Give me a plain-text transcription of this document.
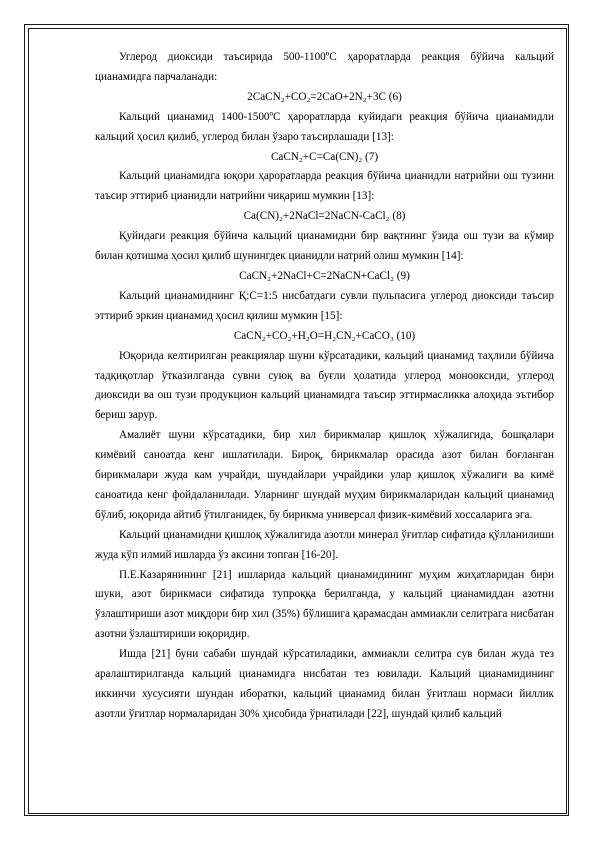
Углерод диоксиди таъсирида 500-1100ºС ҳароратларда реакция бўйича кальций цианамидга парчаланади:

2CaCN₂+CO₂=2CaO+2N₂+3C (6)

Кальций цианамид 1400-1500ºС ҳароратларда куйидаги реакция бўйича цианамидли кальций ҳосил қилиб, углерод билан ўзаро таъсирлашади [13]:

CaCN₂+C=Ca(CN)₂ (7)

Кальций цианамидга юқори ҳароратларда реакция бўйича цианидли натрийни ош тузини таъсир эттириб цианидли натрийни чиқариш мумкин [13]:

Ca(CN)₂+2NaCl=2NaCN-CaCl₂ (8)

Қуйидаги реакция бўйича кальций цианамидни бир вақтнинг ўзида ош тузи ва кўмир билан қотишма ҳосил қилиб шунингдек цианидли натрий олиш мумкин [14]:

CaCN₂+2NaCl+C=2NaCN+CaCl₂ (9)

Кальций цианамиднинг Қ:С=1:5 нисбатдаги сувли пульпасига углерод диоксиди таъсир эттириб эркин цианамид ҳосил қилиш мумкин [15]:

CaCN₂+CO₂+H₂O=H₂CN₂+CaCO₃ (10)

Юқорида келтирилган реакциялар шуни кўрсатадики, кальций цианамид таҳлили бўйича тадқиқотлар ўтказилганда сувни суюқ ва буғли ҳолатида углерод монооксиди, углерод диоксиди ва ош тузи продукцион кальций цианамидга таъсир эттирмасликка алоҳида эътибор бериш зарур.

Амалиёт шуни кўрсатадики, бир хил бирикмалар қишлоқ хўжалигида, бошқалари кимёвий саноатда кенг ишлатилади. Бироқ, бирикмалар орасида азот билан боғланган бирикмалари жуда кам учрайди, шундайлари учрайдики улар қишлоқ хўжалиги ва кимё саноатида кенг фойдаланилади. Уларнинг шундай муҳим бирикмаларидан кальций цианамид бўлиб, юқорида айтиб ўтилганидек, бу бирикма универсал физик-кимёвий хоссаларига эга.

Кальций цианамидни қишлоқ хўжалигида азотли минерал ўғитлар сифатида қўлланилиши жуда кўп илмий ишларда ўз аксини топган [16-20].

П.Е.Казарянининг [21] ишларида кальций цианамидининг муҳим жиҳатларидан бири шуки, азот бирикмаси сифатида тупроққа берилганда, у кальций цианамиддан азотни ўзлаштириши азот миқдори бир хил (35%) бўлишига қарамасдан аммиакли селитрага нисбатан азотни ўзлаштириши юқоридир.

Ишда [21] буни сабаби шундай кўрсатиладики, аммиакли селитра сув билан жуда тез аралаштирилганда кальций цианамидга нисбатан тез ювилади. Кальций цианамидининг иккинчи хусусияти шундан иборатки, кальций цианамид билан ўғитлаш нормаси йиллик азотли ўғитлар нормаларидан 30% ҳисобида ўрнатилади [22], шундай қилиб кальций
